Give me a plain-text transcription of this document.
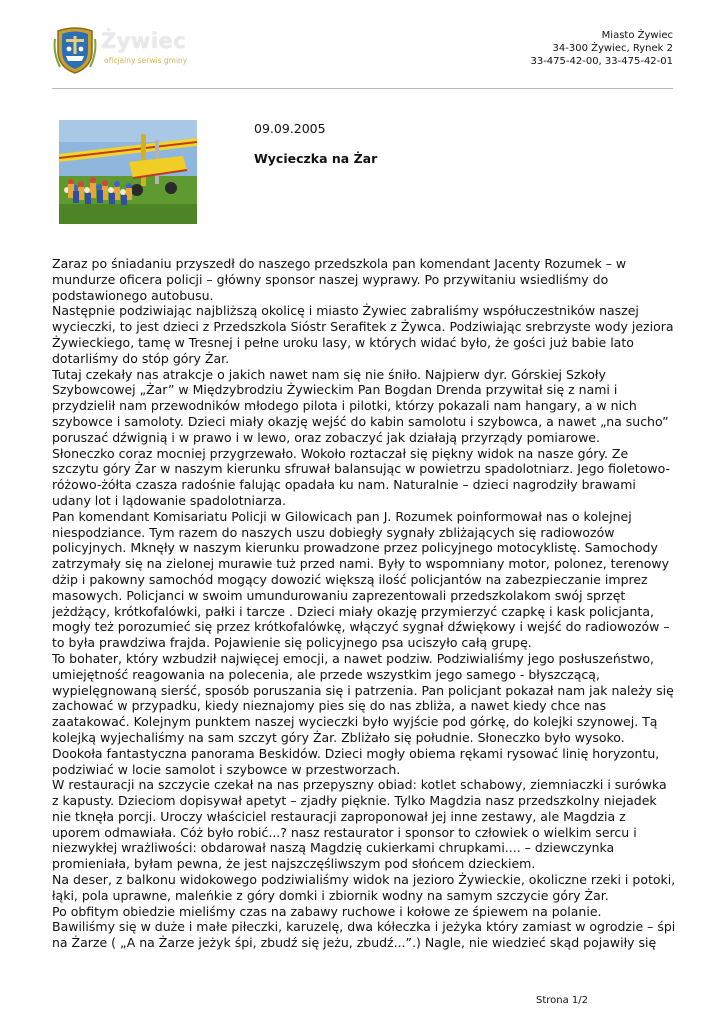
Żywiec
oficjalny serwis gminy
Miasto Żywiec
34-300 Żywiec, Rynek 2
33-475-42-00, 33-475-42-01
09.09.2005
Wycieczka na Żar

Zaraz po śniadaniu przyszedł do naszego przedszkola pan komendant Jacenty Rozumek – w mundurze oficera policji – główny sponsor naszej wyprawy. Po przywitaniu wsiedliśmy do podstawionego autobusu.

Następnie podziwiając najbliższą okolicę i miasto Żywiec zabraliśmy współuczestników naszej wycieczki, to jest dzieci z Przedszkola Sióstr Serafitek z Żywca. Podziwiając srebrzyste wody jeziora Żywieckiego, tamę w Tresnej i pełne uroku lasy, w których widać było, że gości już babie lato dotarliśmy do stóp góry Żar.

Tutaj czekały nas atrakcje o jakich nawet nam się nie śniło. Najpierw dyr. Górskiej Szkoły Szybowcowej „Żar” w Międzybrodziu Żywieckim Pan Bogdan Drenda przywitał się z nami i przydzielił nam przewodników młodego pilota i pilotki, którzy pokazali nam hangary, a w nich szybowce i samoloty. Dzieci miały okazję wejść do kabin samolotu i szybowca, a nawet „na sucho” poruszać dźwignią i w prawo i w lewo, oraz zobaczyć jak działają przyrządy pomiarowe.

Słoneczko coraz mocniej przygrzewało. Wokoło roztaczał się piękny widok na nasze góry. Ze szczytu góry Żar w naszym kierunku sfruwał balansując w powietrzu spadolotniarz. Jego fioletowo- różowo-żółta czasza radośnie falując opadała ku nam. Naturalnie – dzieci nagrodziły brawami udany lot i lądowanie spadolotniarza.

Pan komendant Komisariatu Policji w Gilowicach pan J. Rozumek poinformował nas o kolejnej niespodziance. Tym razem do naszych uszu dobiegły sygnały zbliżających się radiowozów policyjnych. Mknęły w naszym kierunku prowadzone przez policyjnego motocyklistę. Samochody zatrzymały się na zielonej murawie tuż przed nami. Były to wspomniany motor, polonez, terenowy dżip i pakowny samochód mogący dowozić większą ilość policjantów na zabezpieczanie imprez masowych. Policjanci w swoim umundurowaniu zaprezentowali przedszkolakom swój sprzęt jeżdżący, krótkofalówki, pałki i tarcze . Dzieci miały okazję przymierzyć czapkę i kask policjanta, mogły też porozumieć się przez krótkofalówkę, włączyć sygnał dźwiękowy i wejść do radiowozów – to była prawdziwa frajda. Pojawienie się policyjnego psa uciszyło całą grupę.

To bohater, który wzbudził najwięcej emocji, a nawet podziw. Podziwialiśmy jego posłuszeństwo, umiejętność reagowania na polecenia, ale przede wszystkim jego samego - błyszczącą, wypielęgnowaną sierść, sposób poruszania się i patrzenia. Pan policjant pokazał nam jak należy się zachować w przypadku, kiedy nieznajomy pies się do nas zbliża, a nawet kiedy chce nas zaatakować. Kolejnym punktem naszej wycieczki było wyjście pod górkę, do kolejki szynowej. Tą kolejką wyjechaliśmy na sam szczyt góry Żar. Zbliżało się południe. Słoneczko było wysoko. Dookoła fantastyczna panorama Beskidów. Dzieci mogły obiema rękami rysować linię horyzontu, podziwiać w locie samolot i szybowce w przestworzach.

W restauracji na szczycie czekał na nas przepyszny obiad: kotlet schabowy, ziemniaczki i surówka z kapusty. Dzieciom dopisywał apetyt – zjadły pięknie. Tylko Magdzia nasz przedszkolny niejadek nie tknęła porcji. Uroczy właściciel restauracji zaproponował jej inne zestawy, ale Magdzia z uporem odmawiała. Cóż było robić...? nasz restaurator i sponsor to człowiek o wielkim sercu i niezwykłej wrażliwości: obdarował naszą Magdzię cukierkami chrupkami.... – dziewczynka promieniała, byłam pewna, że jest najszczęśliwszym pod słońcem dzieckiem.

Na deser, z balkonu widokowego podziwialiśmy widok na jezioro Żywieckie, okoliczne rzeki i potoki, łąki, pola uprawne, maleńkie z góry domki i zbiornik wodny na samym szczycie góry Żar.

Po obfitym obiedzie mieliśmy czas na zabawy ruchowe i kołowe ze śpiewem na polanie.

Bawiliśmy się w duże i małe piłeczki, karuzelę, dwa kółeczka i jeżyka który zamiast w ogrodzie – śpi na Żarze ( „A na Żarze jeżyk śpi, zbudź się jeżu, zbudź...”.) Nagle, nie wiedzieć skąd pojawiły się

Strona 1/2
